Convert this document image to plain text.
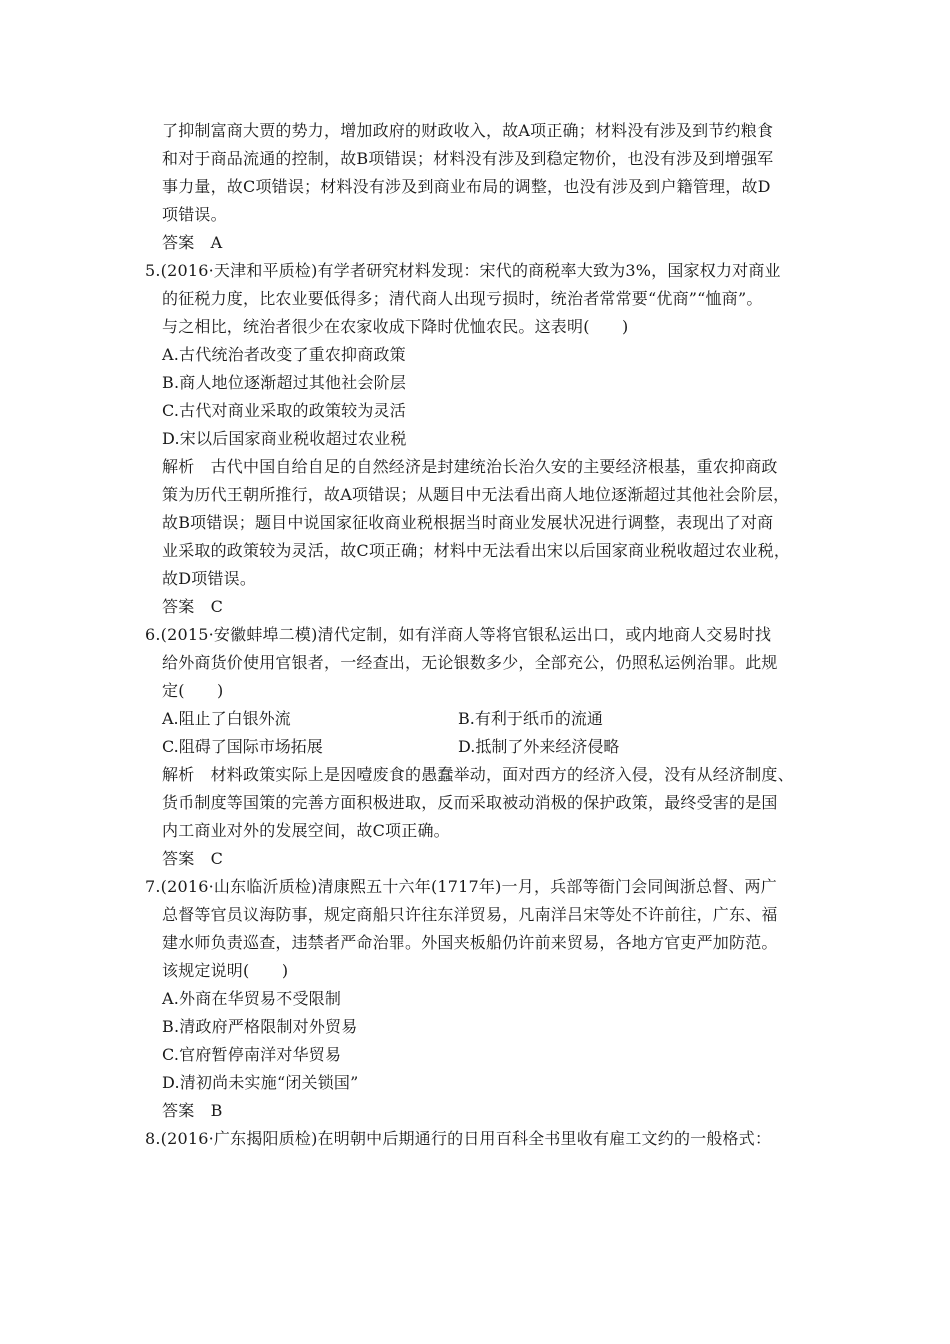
了抑制富商大贾的势力，增加政府的财政收入，故A项正确；材料没有涉及到节约粮食
和对于商品流通的控制，故B项错误；材料没有涉及到稳定物价，也没有涉及到增强军
事力量，故C项错误；材料没有涉及到商业布局的调整，也没有涉及到户籍管理，故D
项错误。
答案　A
5.(2016·天津和平质检)有学者研究材料发现：宋代的商税率大致为3%，国家权力对商业
的征税力度，比农业要低得多；清代商人出现亏损时，统治者常常要“优商”“恤商”。
与之相比，统治者很少在农家收成下降时优恤农民。这表明(　　)
A.古代统治者改变了重农抑商政策
B.商人地位逐渐超过其他社会阶层
C.古代对商业采取的政策较为灵活
D.宋以后国家商业税收超过农业税
解析　古代中国自给自足的自然经济是封建统治长治久安的主要经济根基，重农抑商政
策为历代王朝所推行，故A项错误；从题目中无法看出商人地位逐渐超过其他社会阶层，
故B项错误；题目中说国家征收商业税根据当时商业发展状况进行调整，表现出了对商
业采取的政策较为灵活，故C项正确；材料中无法看出宋以后国家商业税收超过农业税，
故D项错误。
答案　C
6.(2015·安徽蚌埠二模)清代定制，如有洋商人等将官银私运出口，或内地商人交易时找
给外商货价使用官银者，一经查出，无论银数多少，全部充公，仍照私运例治罪。此规
定(　　)
A.阻止了白银外流	B.有利于纸币的流通
C.阻碍了国际市场拓展	D.抵制了外来经济侵略
解析　材料政策实际上是因噎废食的愚蠢举动，面对西方的经济入侵，没有从经济制度、
货币制度等国策的完善方面积极进取，反而采取被动消极的保护政策，最终受害的是国
内工商业对外的发展空间，故C项正确。
答案　C
7.(2016·山东临沂质检)清康熙五十六年(1717年)一月，兵部等衙门会同闽浙总督、两广
总督等官员议海防事，规定商船只许往东洋贸易，凡南洋吕宋等处不许前往，广东、福
建水师负责巡查，违禁者严命治罪。外国夹板船仍许前来贸易，各地方官吏严加防范。
该规定说明(　　)
A.外商在华贸易不受限制
B.清政府严格限制对外贸易
C.官府暂停南洋对华贸易
D.清初尚未实施“闭关锁国”
答案　B
8.(2016·广东揭阳质检)在明朝中后期通行的日用百科全书里收有雇工文约的一般格式：
